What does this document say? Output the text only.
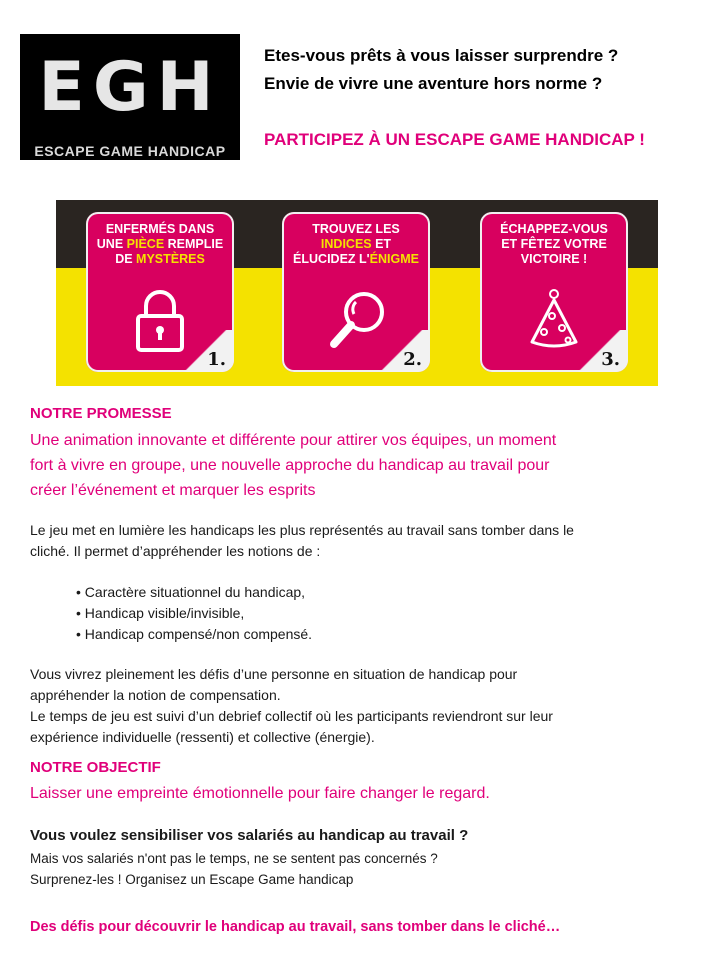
EGH
ESCAPE GAME HANDICAP
Etes-vous prêts à vous laisser surprendre ?
Envie de vivre une aventure hors norme ?
PARTICIPEZ À UN ESCAPE GAME HANDICAP !
ENFERMÉS DANS
UNE PIÈCE REMPLIE
DE MYSTÈRES
1.
TROUVEZ LES
INDICES ET
ÉLUCIDEZ L'ÉNIGME
2.
ÉCHAPPEZ-VOUS
ET FÊTEZ VOTRE
VICTOIRE !
3.
NOTRE PROMESSE
Une animation innovante et différente pour attirer vos équipes, un moment
fort à vivre en groupe, une nouvelle approche du handicap au travail pour
créer l’événement et marquer les esprits
Le jeu met en lumière les handicaps les plus représentés au travail sans tomber dans le
cliché. Il permet d’appréhender les notions de :
• Caractère situationnel du handicap,
• Handicap visible/invisible,
• Handicap compensé/non compensé.
Vous vivrez pleinement les défis d’une personne en situation de handicap pour
appréhender la notion de compensation.
Le temps de jeu est suivi d’un debrief collectif où les participants reviendront sur leur
expérience individuelle (ressenti) et collective (énergie).
NOTRE OBJECTIF
Laisser une empreinte émotionnelle pour faire changer le regard.
Vous voulez sensibiliser vos salariés au handicap au travail ?
Mais vos salariés n'ont pas le temps, ne se sentent pas concernés ?
Surprenez-les ! Organisez un Escape Game handicap
Des défis pour découvrir le handicap au travail, sans tomber dans le cliché…
